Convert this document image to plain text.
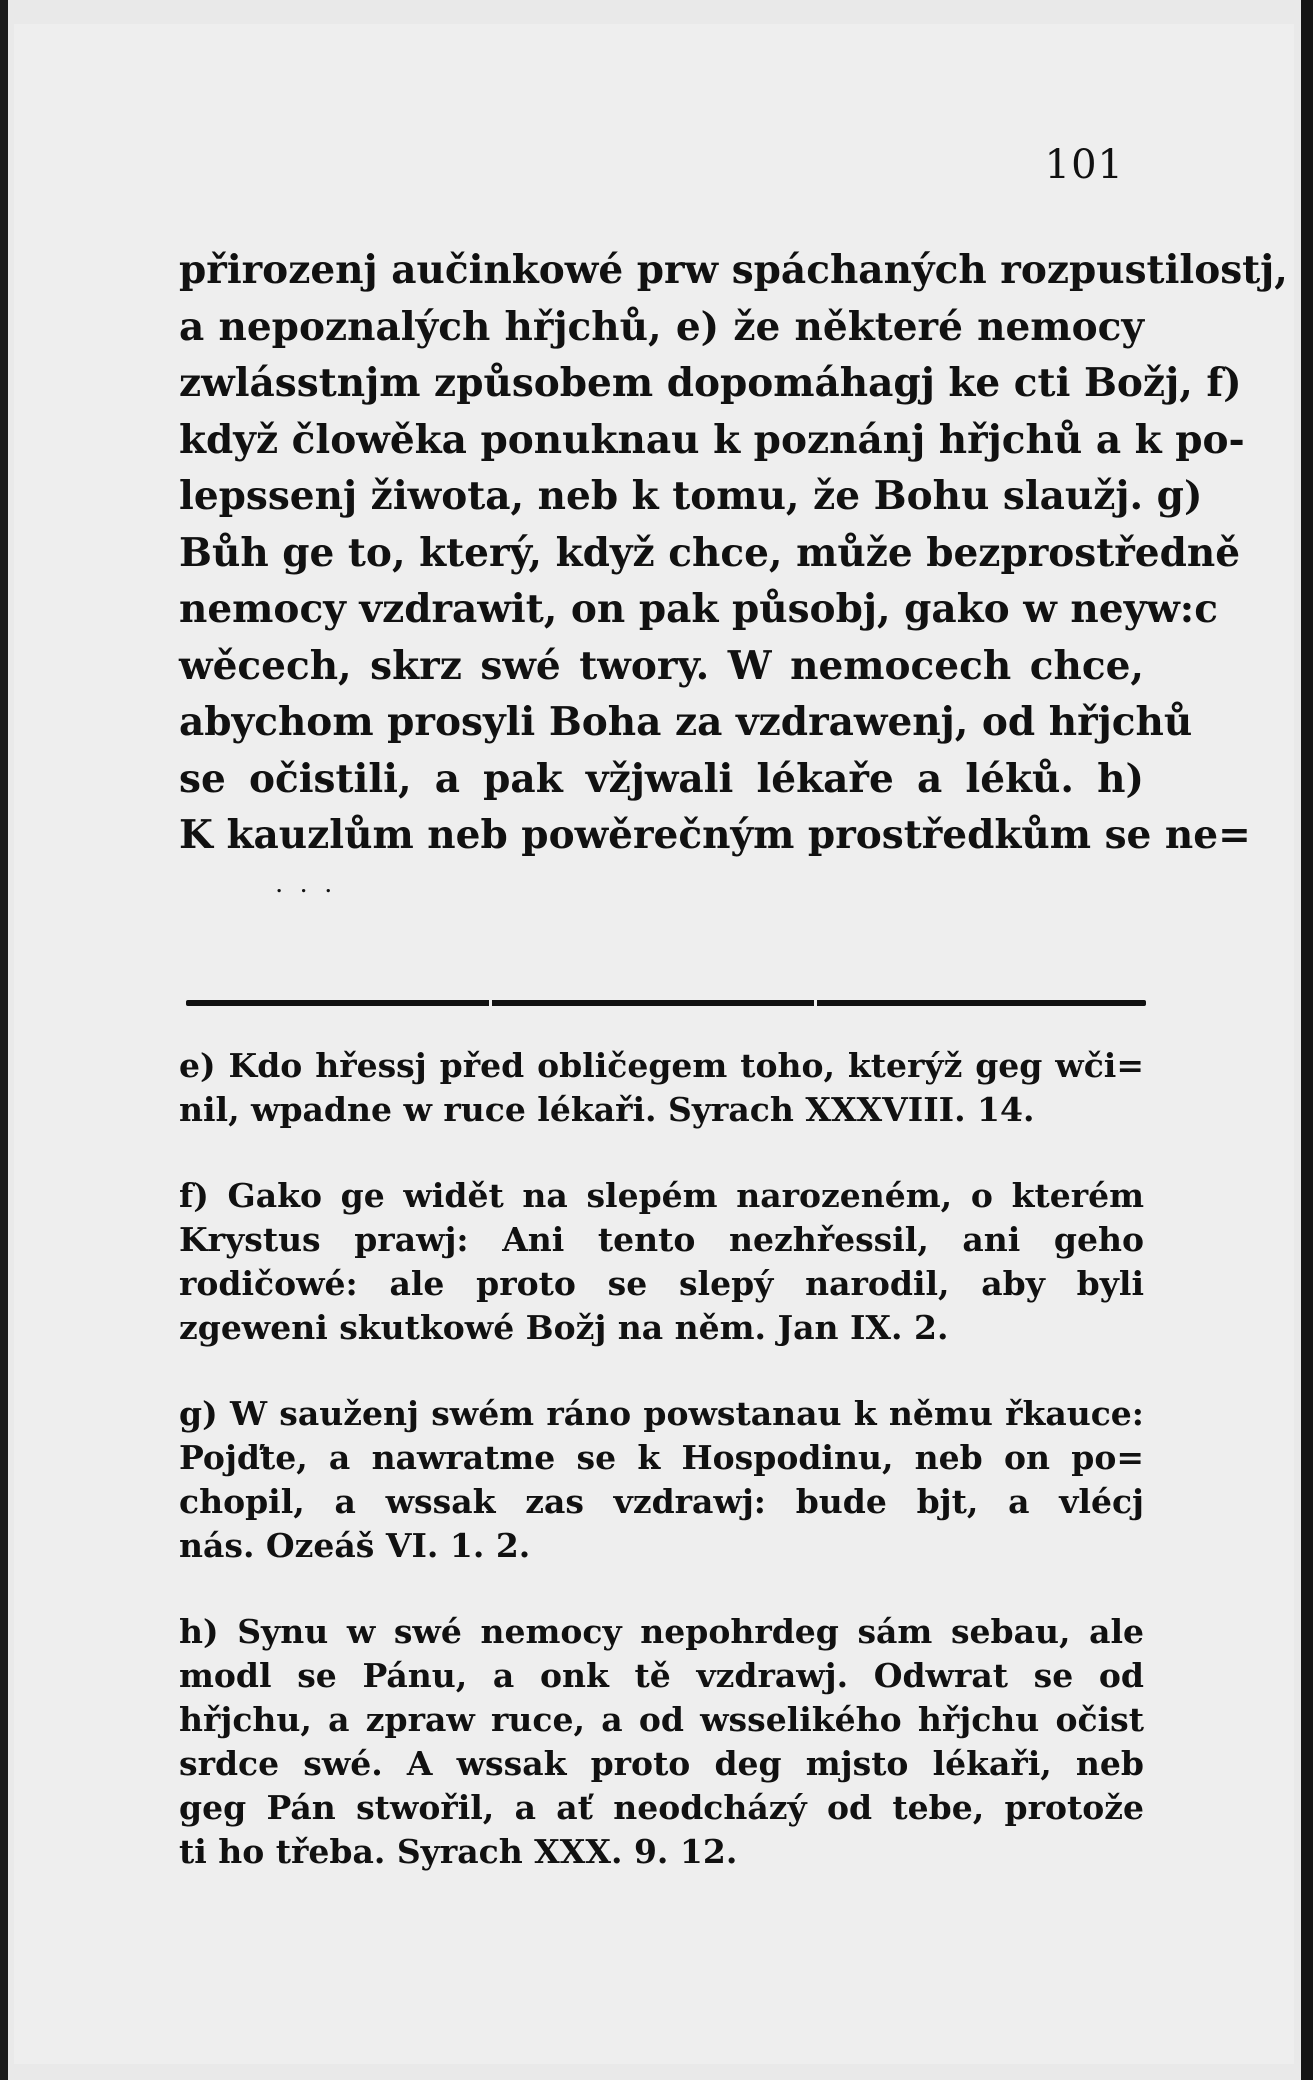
101
přirozenj aučinkowé prw spáchaných rozpustilostj,
a nepoznalých hřjchů, e) že některé nemocy
zwlásstnjm způsobem dopomáhagj ke cti Božj, f)
když člowěka ponuknau k poznánj hřjchů a k po-
lepssenj žiwota, neb k tomu, že Bohu slaužj. g)
Bůh ge to, který, když chce, může bezprostředně
nemocy vzdrawit, on pak působj, gako w neyw:c
wěcech, skrz swé twory. W nemocech chce,
abychom prosyli Boha za vzdrawenj, od hřjchů
se očistili, a pak vžjwali lékaře a léků. h)
K kauzlům neb powěrečným prostředkům se ne=
. . .
e) Kdo hřessj před obličegem toho, kterýž geg wči=
nil, wpadne w ruce lékaři. Syrach XXXVIII. 14.
f) Gako ge widět na slepém narozeném, o kterém
Krystus prawj: Ani tento nezhřessil, ani geho
rodičowé: ale proto se slepý narodil, aby byli
zgeweni skutkowé Božj na něm. Jan IX. 2.
g) W sauženj swém ráno powstanau k němu řkauce:
Pojďte, a nawratme se k Hospodinu, neb on po=
chopil, a wssak zas vzdrawj: bude bjt, a vlécj
nás. Ozeáš VI. 1. 2.
h) Synu w swé nemocy nepohrdeg sám sebau, ale
modl se Pánu, a onk tě vzdrawj. Odwrat se od
hřjchu, a zpraw ruce, a od wsselikého hřjchu očist
srdce swé. A wssak proto deg mjsto lékaři, neb
geg Pán stwořil, a ať neodcházý od tebe, protože
ti ho třeba. Syrach XXX. 9. 12.
